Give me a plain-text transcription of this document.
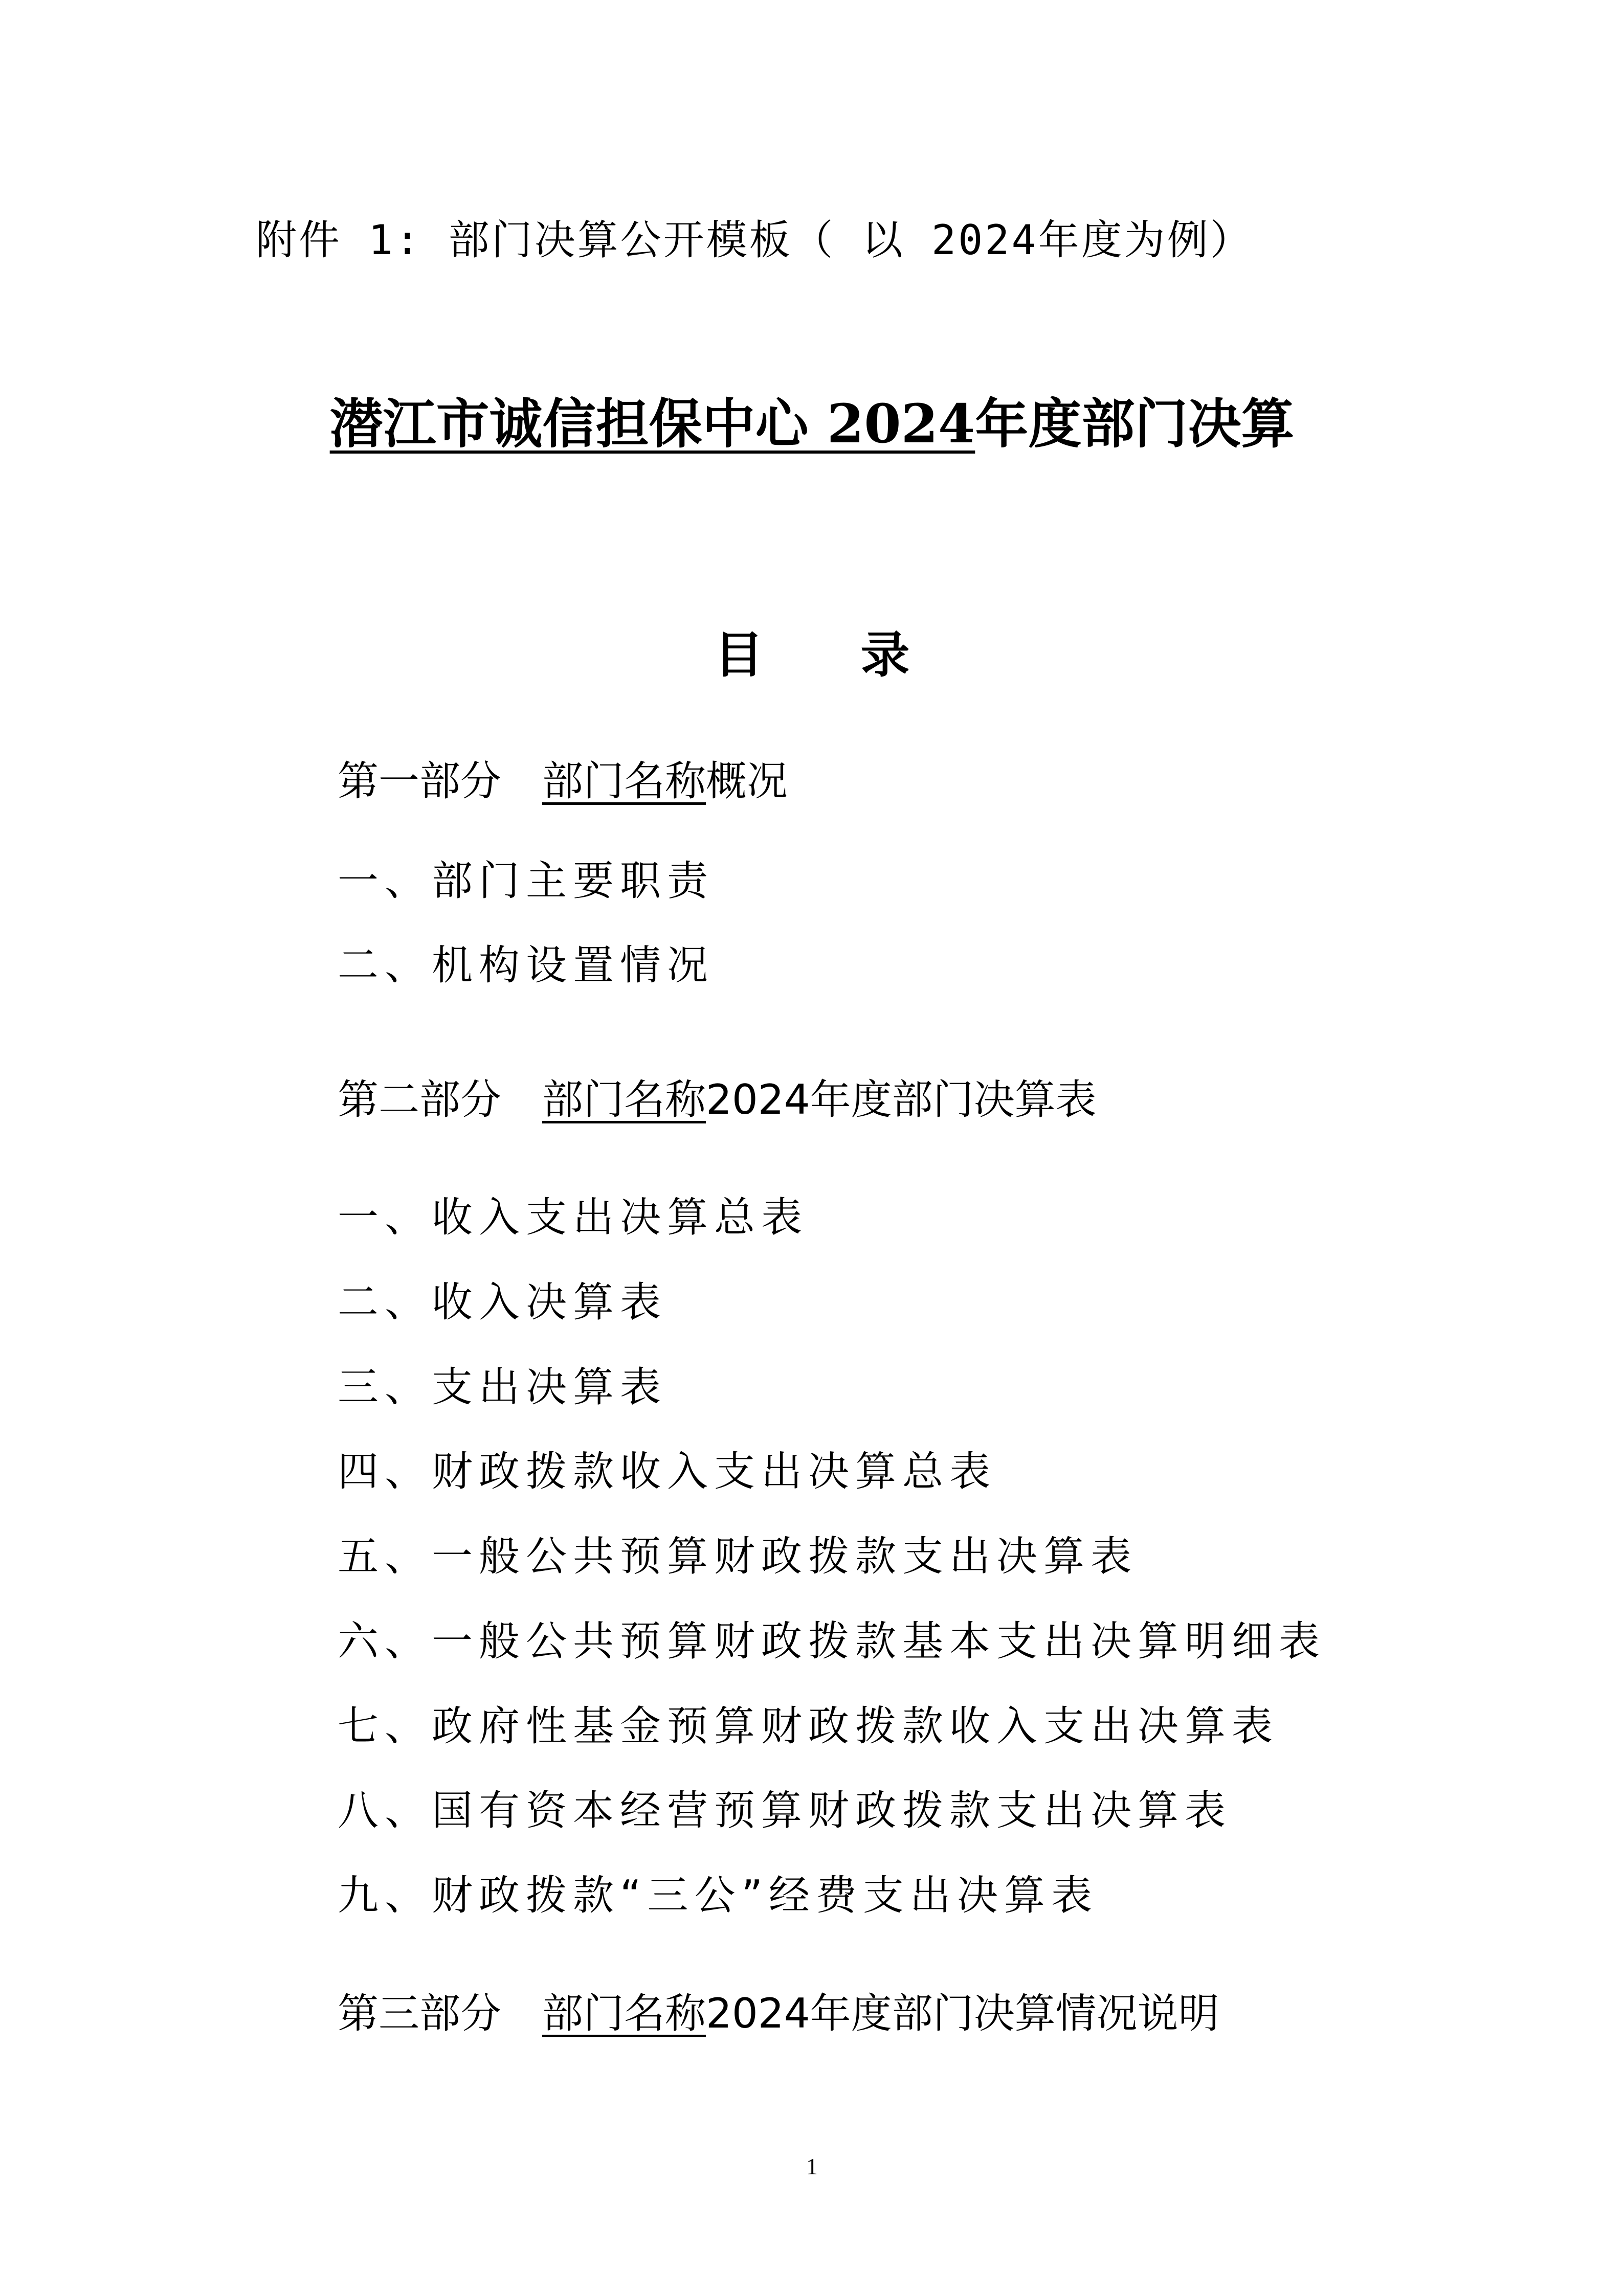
附件 1: 部门决算公开模板（ 以 2024年度为例）
潜江市诚信担保中心 2024年度部门决算
目录
第一部分 部门名称概况
一、部门主要职责
二、机构设置情况
第二部分 部门名称2024年度部门决算表
一、收入支出决算总表
二、收入决算表
三、支出决算表
四、财政拨款收入支出决算总表
五、一般公共预算财政拨款支出决算表
六、一般公共预算财政拨款基本支出决算明细表
七、政府性基金预算财政拨款收入支出决算表
八、国有资本经营预算财政拨款支出决算表
九、财政拨款“三公”经费支出决算表
第三部分 部门名称2024年度部门决算情况说明
1
